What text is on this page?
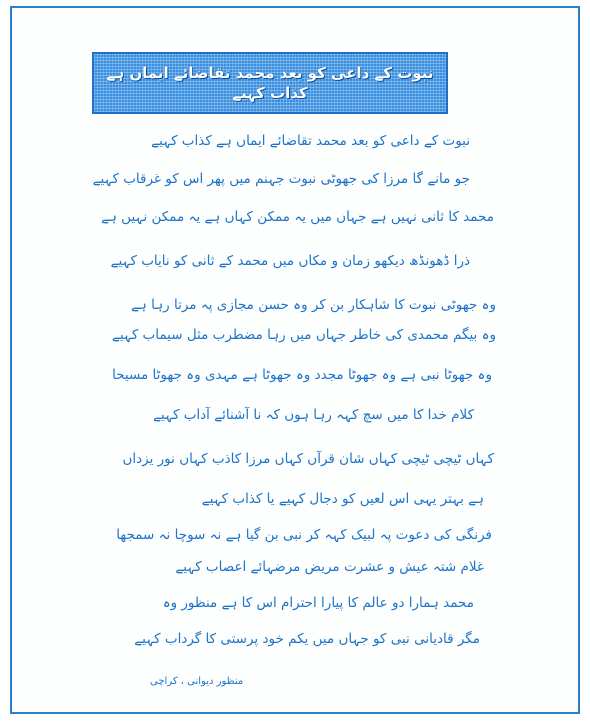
نبوت کے داعی کو بعد محمد تقاضائے ایماں ہے کذاب کہیے
نبوت کے داعی کو بعد محمد تقاضائے ایماں ہے کذاب کہیے
جو مانے گا مرزا کی جھوٹی نبوت جہنم میں پھر اس کو غرقاب کہیے
محمد کا ثانی نہیں ہے جہاں میں یہ ممکن کہاں ہے یہ ممکن نہیں ہے
ذرا ڈھونڈھ دیکھو زمان و مکاں میں محمد کے ثانی کو نایاب کہیے
وہ جھوٹی نبوت کا شاہکار بن کر وہ حسن مجازی پہ مرتا رہا ہے
وہ بیگم محمدی کی خاطر جہاں میں رہا مضطرب مثل سیماب کہیے
وہ جھوٹا نبی ہے وہ جھوٹا مجدد وہ جھوٹا ہے مہدی وہ جھوٹا مسیحا
کلام خدا کا میں سچ کہہ رہا ہوں کہ نا آشنائے آداب کہیے
کہاں ٹیچی ٹیچی کہاں شان قرآں کہاں مرزا کاذب کہاں نور یزداں
ہے بہتر یہی اس لعیں کو دجال کہیے یا کذاب کہیے
فرنگی کی دعوت پہ لبیک کہہ کر نبی بن گیا ہے نہ سوچا نہ سمجھا
غلام شتہ عیش و عشرت مریض مرضہائے اعصاب کہیے
محمد ہمارا دو عالم کا پیارا احترام اس کا ہے منظور وہ
مگر قادیانی نبی کو جہاں میں یکم خود پرستی کا گرداب کہیے
منظور دیوانی ، کراچی
